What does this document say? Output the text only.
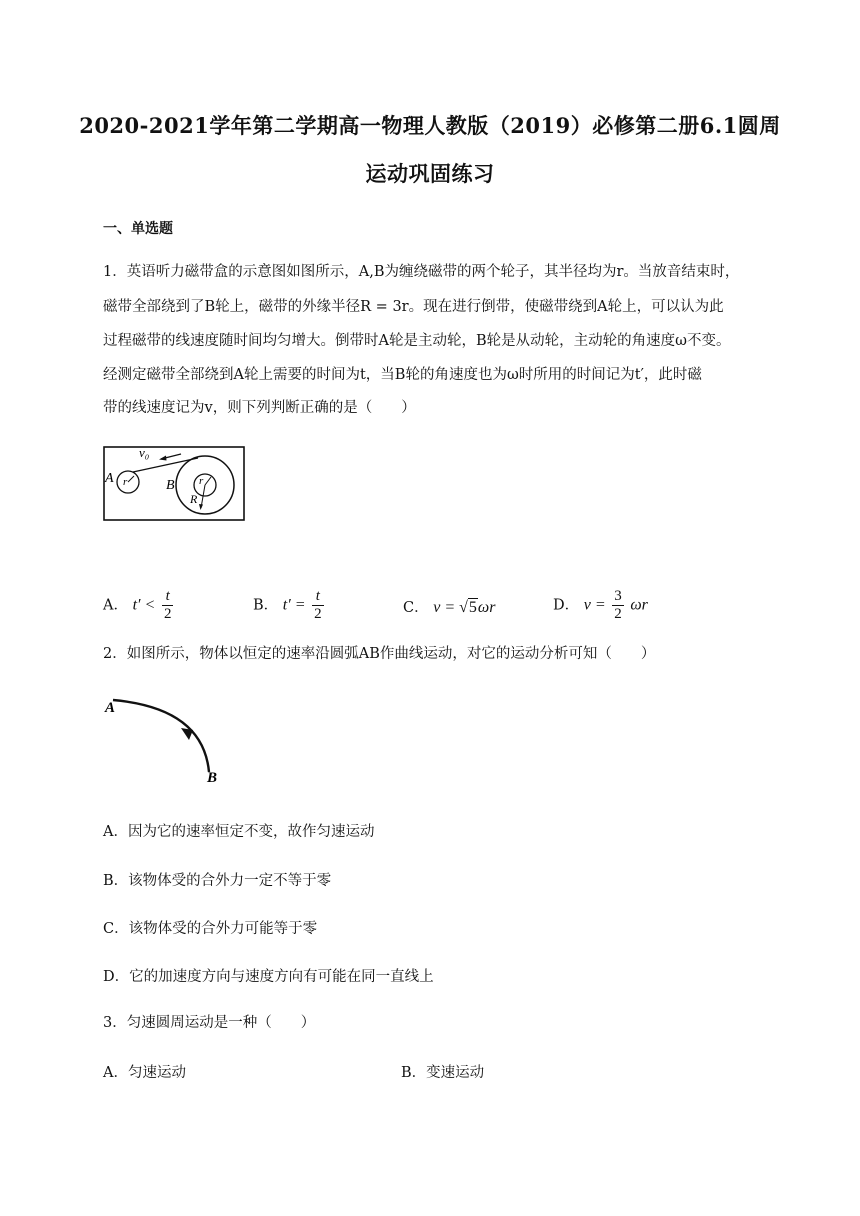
2020-2021学年第二学期高一物理人教版（2019）必修第二册6.1圆周
运动巩固练习
一、单选题
1．英语听力磁带盒的示意图如图所示，A,B为缠绕磁带的两个轮子，其半径均为r。当放音结束时，
磁带全部绕到了B轮上，磁带的外缘半径R = 3r。现在进行倒带，使磁带绕到A轮上，可以认为此
过程磁带的线速度随时间均匀增大。倒带时A轮是主动轮，B轮是从动轮，主动轮的角速度ω不变。
经测定磁带全部绕到A轮上需要的时间为t，当B轮的角速度也为ω时所用的时间记为t′，此时磁
带的线速度记为v，则下列判断正确的是（　　）
v₀
A r	B r
R
A． $t' < \frac{t}{2}$	B． $t' = \frac{t}{2}$	C． v = √5ωr	D． $v = \frac{3}{2}$ ωr
2．如图所示，物体以恒定的速率沿圆弧AB作曲线运动，对它的运动分析可知（　　）
A
B
A．因为它的速率恒定不变，故作匀速运动
B．该物体受的合外力一定不等于零
C．该物体受的合外力可能等于零
D．它的加速度方向与速度方向有可能在同一直线上
3．匀速圆周运动是一种（　　）
A．匀速运动	B．变速运动
